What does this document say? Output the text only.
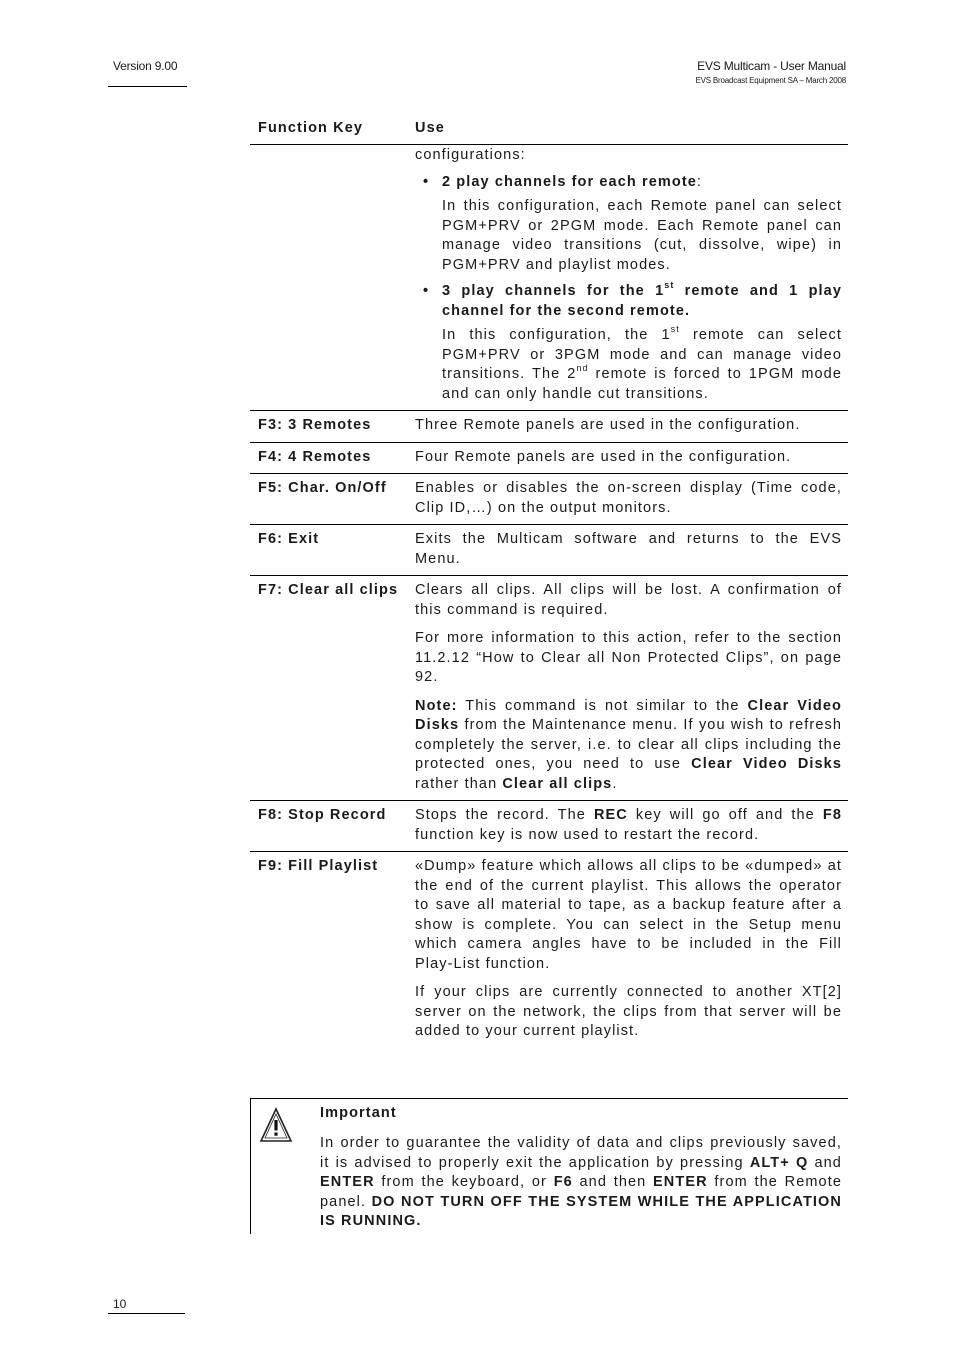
Version 9.00	EVS Multicam - User Manual
EVS Broadcast Equipment SA – March 2008
Function Key	Use
configurations:
• 2 play channels for each remote:
In this configuration, each Remote panel can select PGM+PRV or 2PGM mode. Each Remote panel can manage video transitions (cut, dissolve, wipe) in PGM+PRV and playlist modes.
• 3 play channels for the 1st remote and 1 play channel for the second remote.
In this configuration, the 1st remote can select PGM+PRV or 3PGM mode and can manage video transitions. The 2nd remote is forced to 1PGM mode and can only handle cut transitions.
F3: 3 Remotes	Three Remote panels are used in the configuration.
F4: 4 Remotes	Four Remote panels are used in the configuration.
F5: Char. On/Off	Enables or disables the on-screen display (Time code, Clip ID,…) on the output monitors.
F6: Exit	Exits the Multicam software and returns to the EVS Menu.
F7: Clear all clips	Clears all clips. All clips will be lost. A confirmation of this command is required.

For more information to this action, refer to the section 11.2.12 “How to Clear all Non Protected Clips”, on page 92.

Note: This command is not similar to the Clear Video Disks from the Maintenance menu. If you wish to refresh completely the server, i.e. to clear all clips including the protected ones, you need to use Clear Video Disks rather than Clear all clips.

F8: Stop Record	Stops the record. The REC key will go off and the F8 function key is now used to restart the record.
F9: Fill Playlist	«Dump» feature which allows all clips to be «dumped» at the end of the current playlist. This allows the operator to save all material to tape, as a backup feature after a show is complete. You can select in the Setup menu which camera angles have to be included in the Fill Play-List function.

If your clips are currently connected to another XT[2] server on the network, the clips from that server will be added to your current playlist.

Important
In order to guarantee the validity of data and clips previously saved, it is advised to properly exit the application by pressing ALT+ Q and ENTER from the keyboard, or F6 and then ENTER from the Remote panel. DO NOT TURN OFF THE SYSTEM WHILE THE APPLICATION IS RUNNING.
10
